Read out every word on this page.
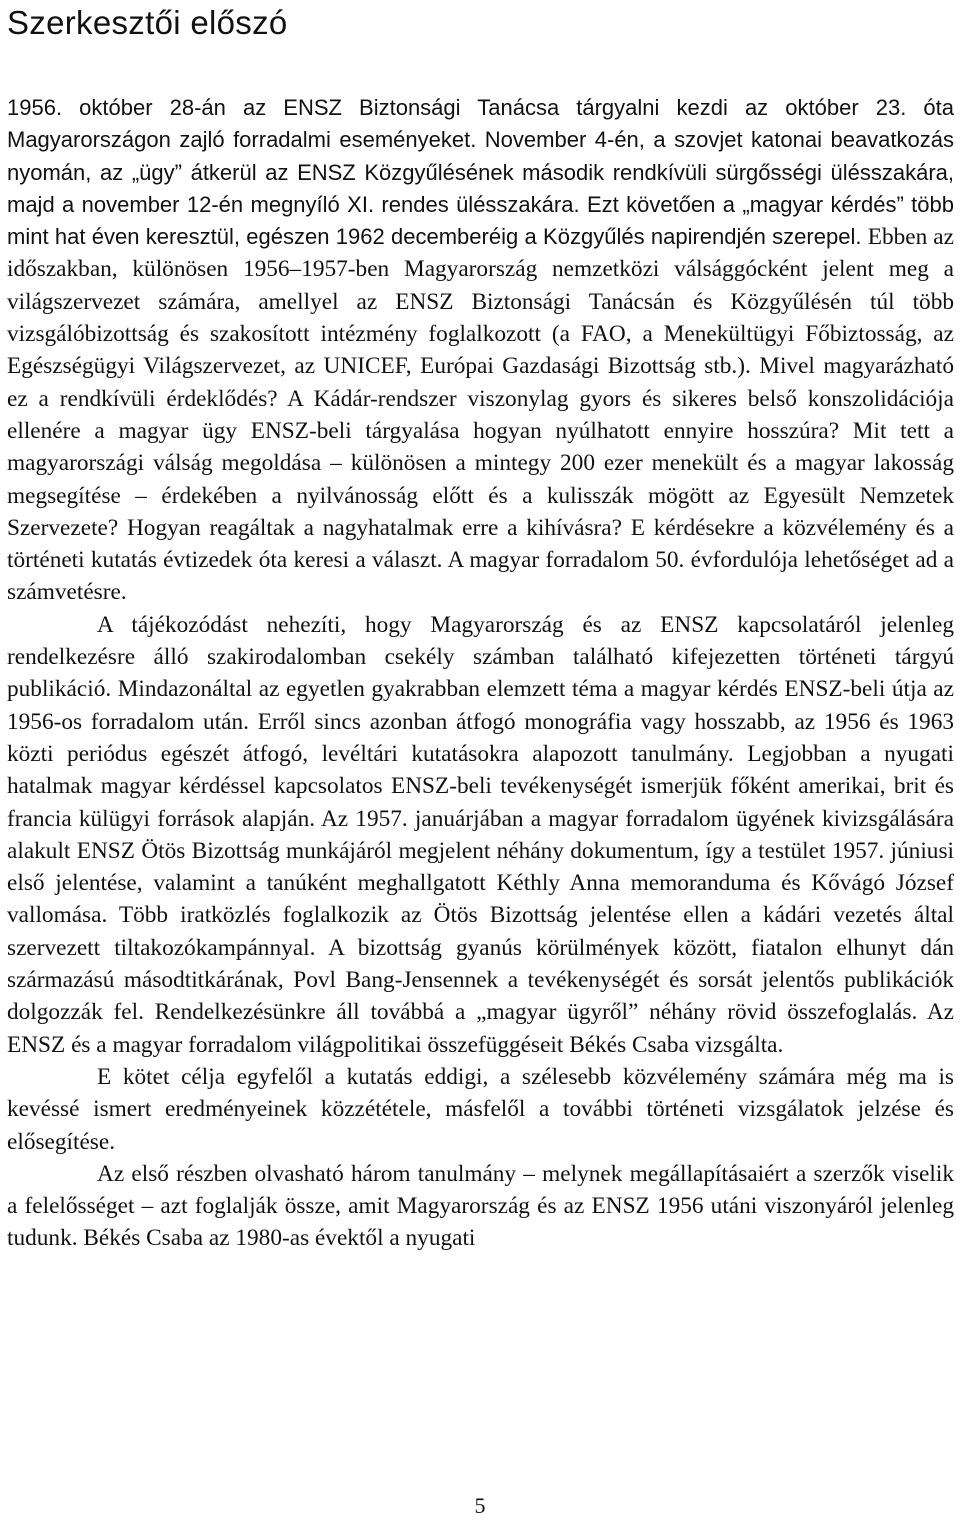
Szerkesztői előszó

1956. október 28-án az ENSZ Biztonsági Tanácsa tárgyalni kezdi az október 23. óta Magyarországon zajló forradalmi eseményeket. November 4-én, a szovjet katonai beavatkozás nyomán, az „ügy” átkerül az ENSZ Közgyűlésének második rendkívüli sürgősségi ülésszakára, majd a november 12-én megnyíló XI. rendes ülésszakára. Ezt követően a „magyar kérdés” több mint hat éven keresztül, egészen 1962 decemberéig a Közgyűlés napirendjén szerepel. Ebben az időszakban, különösen 1956–1957-ben Magyarország nemzetközi válsággócként jelent meg a világszervezet számára, amellyel az ENSZ Biztonsági Tanácsán és Közgyűlésén túl több vizsgálóbizottság és szakosított intézmény foglalkozott (a FAO, a Menekültügyi Főbiztosság, az Egészségügyi Világszervezet, az UNICEF, Európai Gazdasági Bizottság stb.). Mivel magyarázható ez a rendkívüli érdeklődés? A Kádár-rendszer viszonylag gyors és sikeres belső konszolidációja ellenére a magyar ügy ENSZ-beli tárgyalása hogyan nyúlhatott ennyire hosszúra? Mit tett a magyarországi válság megoldása – különösen a mintegy 200 ezer menekült és a magyar lakosság megsegítése – érdekében a nyilvánosság előtt és a kulisszák mögött az Egyesült Nemzetek Szervezete? Hogyan reagáltak a nagyhatalmak erre a kihívásra? E kérdésekre a közvélemény és a történeti kutatás évtizedek óta keresi a választ. A magyar forradalom 50. évfordulója lehetőséget ad a számvetésre.

A tájékozódást nehezíti, hogy Magyarország és az ENSZ kapcsolatáról jelenleg rendelkezésre álló szakirodalomban csekély számban található kifejezetten történeti tárgyú publikáció. Mindazonáltal az egyetlen gyakrabban elemzett téma a magyar kérdés ENSZ-beli útja az 1956-os forradalom után. Erről sincs azonban átfogó monográfia vagy hosszabb, az 1956 és 1963 közti periódus egészét átfogó, levéltári kutatásokra alapozott tanulmány. Legjobban a nyugati hatalmak magyar kérdéssel kapcsolatos ENSZ-beli tevékenységét ismerjük főként amerikai, brit és francia külügyi források alapján. Az 1957. januárjában a magyar forradalom ügyének kivizsgálására alakult ENSZ Ötös Bizottság munkájáról megjelent néhány dokumentum, így a testület 1957. júniusi első jelentése, valamint a tanúként meghallgatott Kéthly Anna memoranduma és Kővágó József vallomása. Több iratközlés foglalkozik az Ötös Bizottság jelentése ellen a kádári vezetés által szervezett tiltakozókampánnyal. A bizottság gyanús körülmények között, fiatalon elhunyt dán származású másodtitkárának, Povl Bang-Jensennek a tevékenységét és sorsát jelentős publikációk dolgozzák fel. Rendelkezésünkre áll továbbá a „magyar ügyről” néhány rövid összefoglalás. Az ENSZ és a magyar forradalom világpolitikai összefüggéseit Békés Csaba vizsgálta.

E kötet célja egyfelől a kutatás eddigi, a szélesebb közvélemény számára még ma is kevéssé ismert eredményeinek közzététele, másfelől a további történeti vizsgálatok jelzése és elősegítése.

Az első részben olvasható három tanulmány – melynek megállapításaiért a szerzők viselik a felelősséget – azt foglalják össze, amit Magyarország és az ENSZ 1956 utáni viszonyáról jelenleg tudunk. Békés Csaba az 1980-as évektől a nyugati

5
